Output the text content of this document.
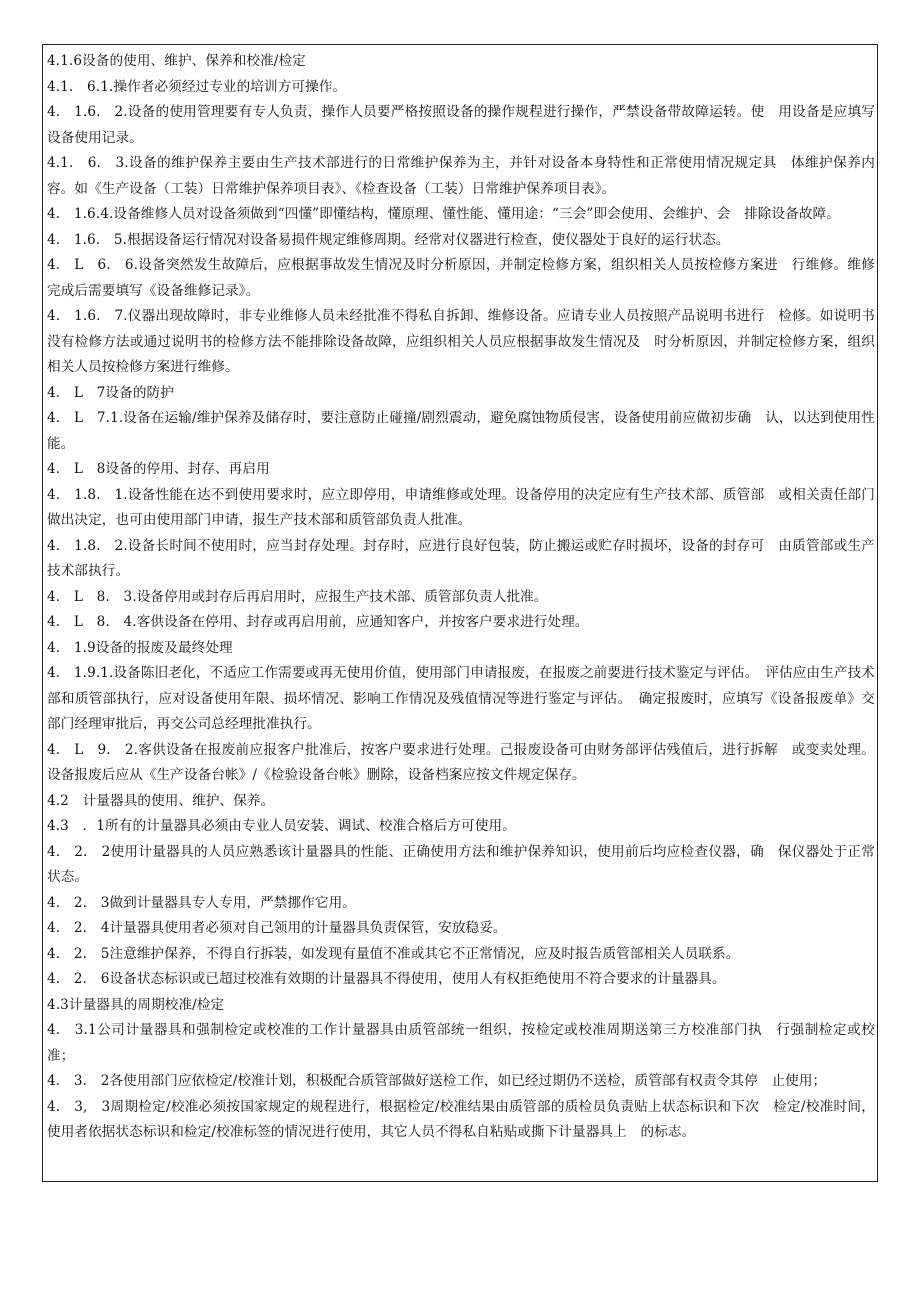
4.1.6设备的使用、维护、保养和校准/检定

4.1.　6.1.操作者必须经过专业的培训方可操作。

4.　1.6.　2.设备的使用管理要有专人负责，操作人员要严格按照设备的操作规程进行操作，严禁设备带故障运转。使　用设备是应填写设备使用记录。

4.1.　6.　3.设备的维护保养主要由生产技术部进行的日常维护保养为主，并针对设备本身特性和正常使用情况规定具　体维护保养内容。如《生产设备（工装）日常维护保养项目表》、《检查设备（工装）日常维护保养项目表》。

4.　1.6.4.设备维修人员对设备须做到“四懂”即懂结构，懂原理、懂性能、懂用途：“三会”即会使用、会维护、会　排除设备故障。

4.　1.6.　5.根据设备运行情况对设备易损件规定维修周期。经常对仪器进行检查，使仪器处于良好的运行状态。

4.　L　6.　6.设备突然发生故障后，应根据事故发生情况及时分析原因，并制定检修方案，组织相关人员按检修方案进　行维修。维修完成后需要填写《设备维修记录》。

4.　1.6.　7.仪器出现故障时，非专业维修人员未经批准不得私自拆卸、维修设备。应请专业人员按照产品说明书进行　检修。如说明书没有检修方法或通过说明书的检修方法不能排除设备故障，应组织相关人员应根据事故发生情况及　时分析原因，并制定检修方案，组织相关人员按检修方案进行维修。

4.　L　7设备的防护

4.　L　7.1.设备在运输/维护保养及储存时，要注意防止碰撞/剧烈震动，避免腐蚀物质侵害，设备使用前应做初步确　认，以达到使用性能。

4.　L　8设备的停用、封存、再启用

4.　1.8.　1.设备性能在达不到使用要求时，应立即停用，申请维修或处理。设备停用的决定应有生产技术部、质管部　或相关责任部门做出决定，也可由使用部门申请，报生产技术部和质管部负责人批准。

4.　1.8.　2.设备长时间不使用时，应当封存处理。封存时，应进行良好包装，防止搬运或贮存时损坏，设备的封存可　由质管部或生产技术部执行。

4.　L　8.　3.设备停用或封存后再启用时，应报生产技术部、质管部负责人批准。

4.　L　8.　4.客供设备在停用、封存或再启用前，应通知客户，并按客户要求进行处理。

4.　1.9设备的报废及最终处理

4.　1.9.1.设备陈旧老化，不适应工作需要或再无使用价值，使用部门申请报废，在报废之前要进行技术鉴定与评估。　评估应由生产技术部和质管部执行，应对设备使用年限、损坏情况、影响工作情况及残值情况等进行鉴定与评估。　确定报废时，应填写《设备报废单》交部门经理审批后，再交公司总经理批准执行。

4.　L　9.　2.客供设备在报废前应报客户批准后，按客户要求进行处理。己报废设备可由财务部评估残值后，进行拆解　或变卖处理。设备报废后应从《生产设备台帐》/《检验设备台帐》删除，设备档案应按文件规定保存。

4.2　计量器具的使用、维护、保养。

4.3　．1所有的计量器具必须由专业人员安装、调试、校准合格后方可使用。

4.　2.　2使用计量器具的人员应熟悉该计量器具的性能、正确使用方法和维护保养知识，使用前后均应检查仪器，确　保仪器处于正常状态。

4.　2.　3做到计量器具专人专用，严禁挪作它用。

4.　2.　4计量器具使用者必须对自己领用的计量器具负责保管，安放稳妥。

4.　2.　5注意维护保养，不得自行拆装，如发现有量值不准或其它不正常情况，应及时报告质管部相关人员联系。

4.　2.　6设备状态标识或已超过校准有效期的计量器具不得使用，使用人有权拒绝使用不符合要求的计量器具。

4.3计量器具的周期校准/检定

4.　3.1公司计量器具和强制检定或校准的工作计量器具由质管部统一组织，按检定或校准周期送第三方校准部门执　行强制检定或校准；

4.　3.　2各使用部门应依检定/校准计划，积极配合质管部做好送检工作，如已经过期仍不送检，质管部有权责令其停　止使用；

4.　3,　3周期检定/校准必须按国家规定的规程进行，根据检定/校准结果由质管部的质检员负责贴上状态标识和下次　检定/校准时间，使用者依据状态标识和检定/校准标签的情况进行使用，其它人员不得私自粘贴或撕下计量器具上　的标志。
